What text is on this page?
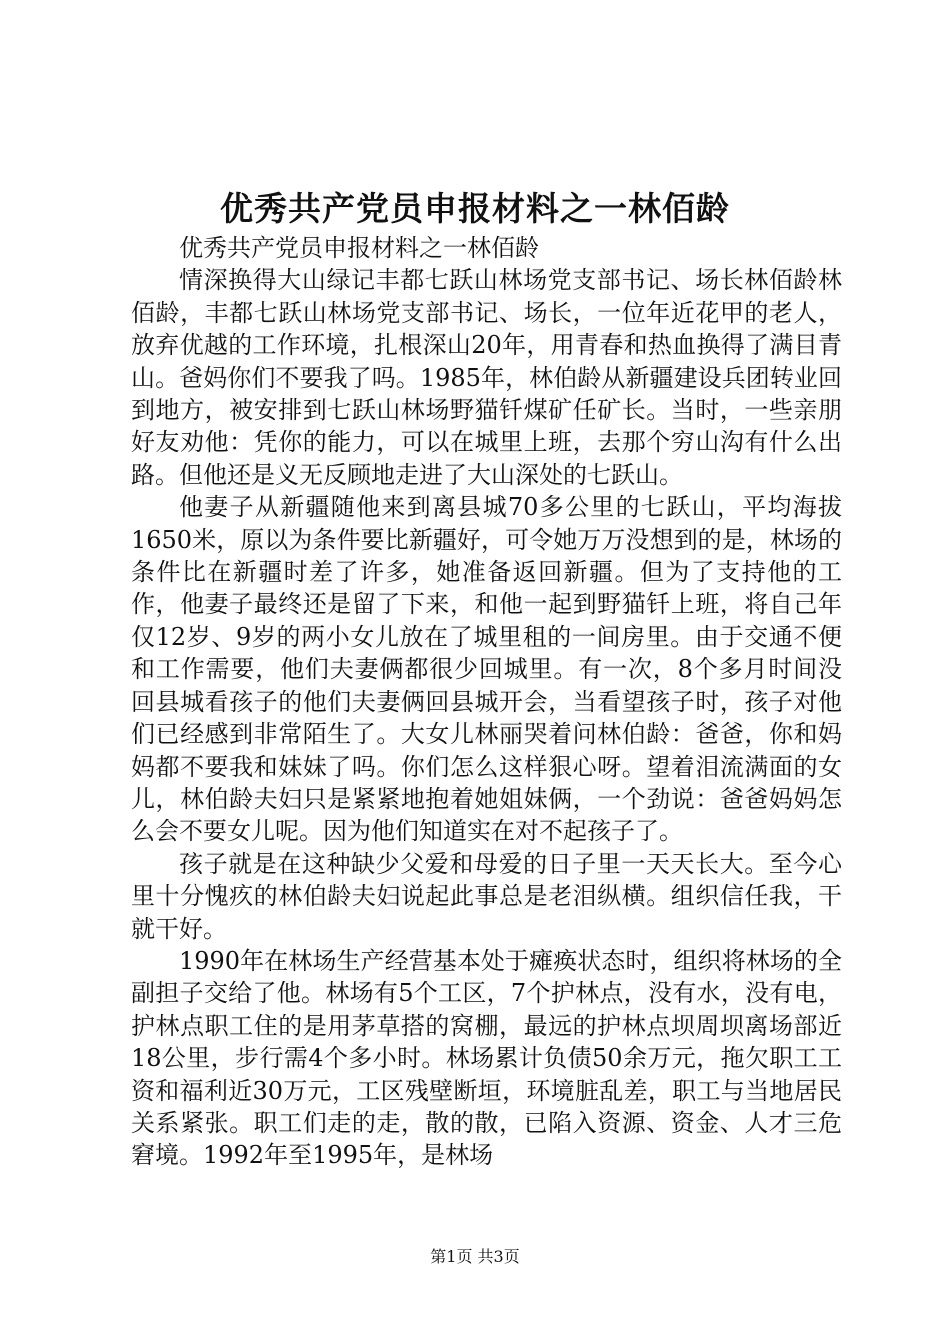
优秀共产党员申报材料之一林佰龄

优秀共产党员申报材料之一林佰龄

情深换得大山绿记丰都七跃山林场党支部书记、场长林佰龄林佰龄，丰都七跃山林场党支部书记、场长，一位年近花甲的老人，放弃优越的工作环境，扎根深山20年，用青春和热血换得了满目青山。爸妈你们不要我了吗。1985年，林伯龄从新疆建设兵团转业回到地方，被安排到七跃山林场野猫钎煤矿任矿长。当时，一些亲朋好友劝他：凭你的能力，可以在城里上班，去那个穷山沟有什么出路。但他还是义无反顾地走进了大山深处的七跃山。

他妻子从新疆随他来到离县城70多公里的七跃山，平均海拔1650米，原以为条件要比新疆好，可令她万万没想到的是，林场的条件比在新疆时差了许多，她准备返回新疆。但为了支持他的工作，他妻子最终还是留了下来，和他一起到野猫钎上班，将自己年仅12岁、9岁的两小女儿放在了城里租的一间房里。由于交通不便和工作需要，他们夫妻俩都很少回城里。有一次，8个多月时间没回县城看孩子的他们夫妻俩回县城开会，当看望孩子时，孩子对他们已经感到非常陌生了。大女儿林丽哭着问林伯龄：爸爸，你和妈妈都不要我和妹妹了吗。你们怎么这样狠心呀。望着泪流满面的女儿，林伯龄夫妇只是紧紧地抱着她姐妹俩，一个劲说：爸爸妈妈怎么会不要女儿呢。因为他们知道实在对不起孩子了。

孩子就是在这种缺少父爱和母爱的日子里一天天长大。至今心里十分愧疚的林伯龄夫妇说起此事总是老泪纵横。组织信任我，干就干好。

1990年在林场生产经营基本处于瘫痪状态时，组织将林场的全副担子交给了他。林场有5个工区，7个护林点，没有水，没有电，护林点职工住的是用茅草搭的窝棚，最远的护林点坝周坝离场部近18公里，步行需4个多小时。林场累计负债50余万元，拖欠职工工资和福利近30万元，工区残壁断垣，环境脏乱差，职工与当地居民关系紧张。职工们走的走，散的散，已陷入资源、资金、人才三危窘境。1992年至1995年，是林场

第1页 共3页
